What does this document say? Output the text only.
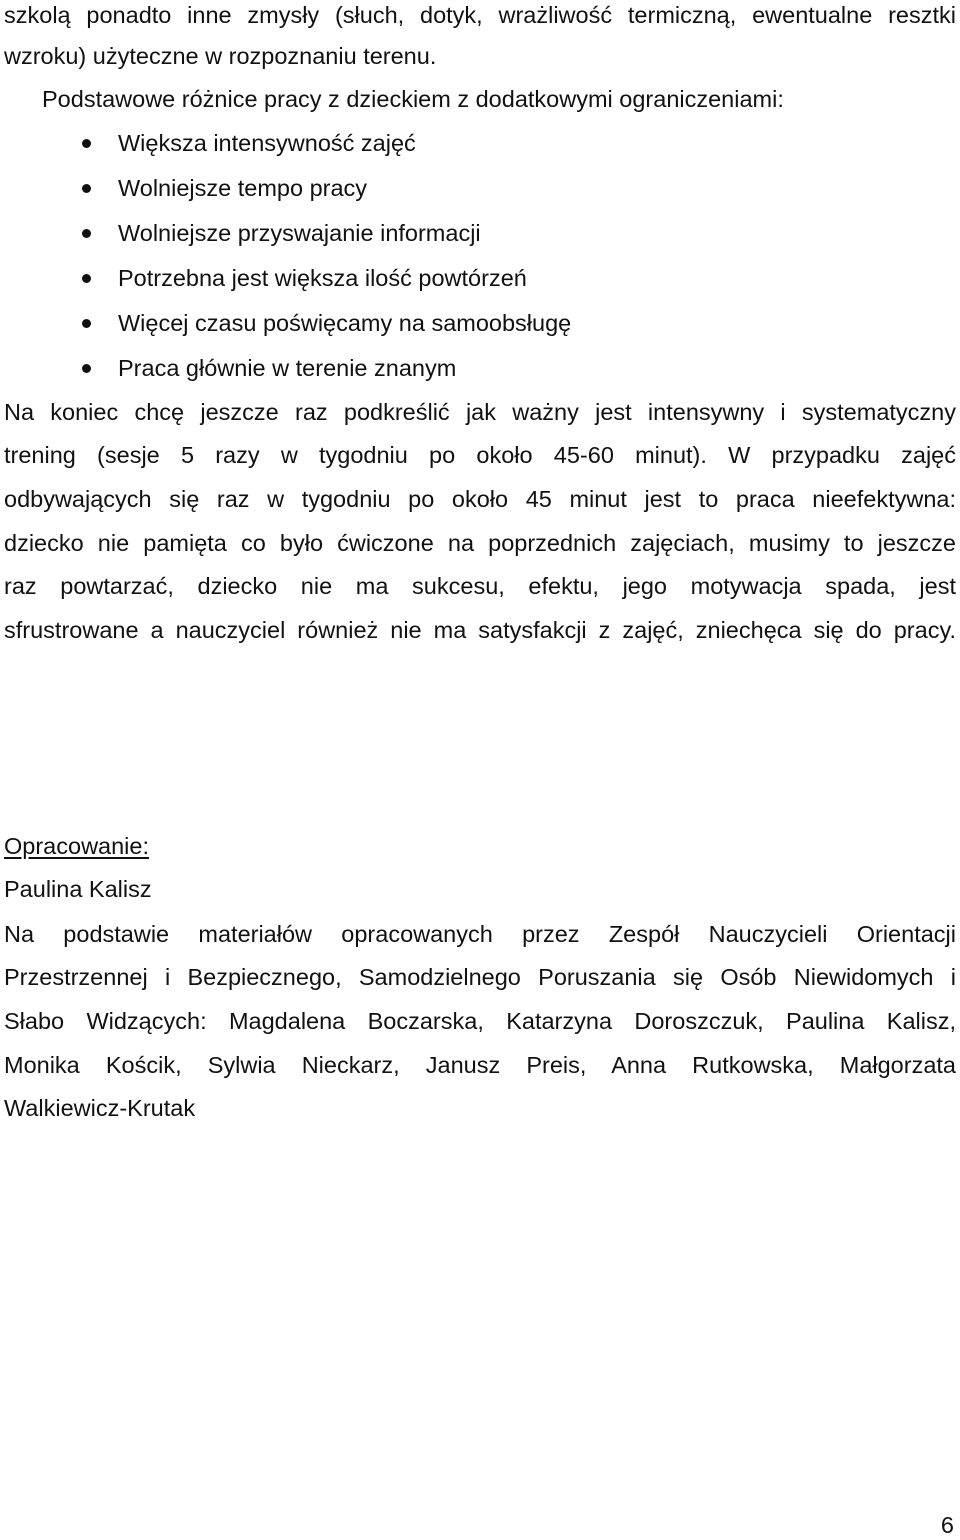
szkolą ponadto inne zmysły (słuch, dotyk, wrażliwość termiczną, ewentualne resztki
wzroku) użyteczne w rozpoznaniu terenu.
Podstawowe różnice pracy z dzieckiem z dodatkowymi ograniczeniami:
Większa intensywność zajęć
Wolniejsze tempo pracy
Wolniejsze przyswajanie informacji
Potrzebna jest większa ilość powtórzeń
Więcej czasu poświęcamy na samoobsługę
Praca głównie w terenie znanym
Na koniec chcę jeszcze raz podkreślić jak ważny jest intensywny i systematyczny
trening (sesje 5 razy w tygodniu po około 45-60 minut). W przypadku zajęć
odbywających się raz w tygodniu po około 45 minut jest to praca nieefektywna:
dziecko nie pamięta co było ćwiczone na poprzednich zajęciach, musimy to jeszcze
raz powtarzać, dziecko nie ma sukcesu, efektu, jego motywacja spada, jest
sfrustrowane a nauczyciel również nie ma satysfakcji z zajęć, zniechęca się do pracy.
Opracowanie:
Paulina Kalisz
Na podstawie materiałów opracowanych przez Zespół Nauczycieli Orientacji
Przestrzennej i Bezpiecznego, Samodzielnego Poruszania się Osób Niewidomych i
Słabo Widzących: Magdalena Boczarska, Katarzyna Doroszczuk, Paulina Kalisz,
Monika Kościk, Sylwia Nieckarz, Janusz Preis, Anna Rutkowska, Małgorzata
Walkiewicz-Krutak
6
